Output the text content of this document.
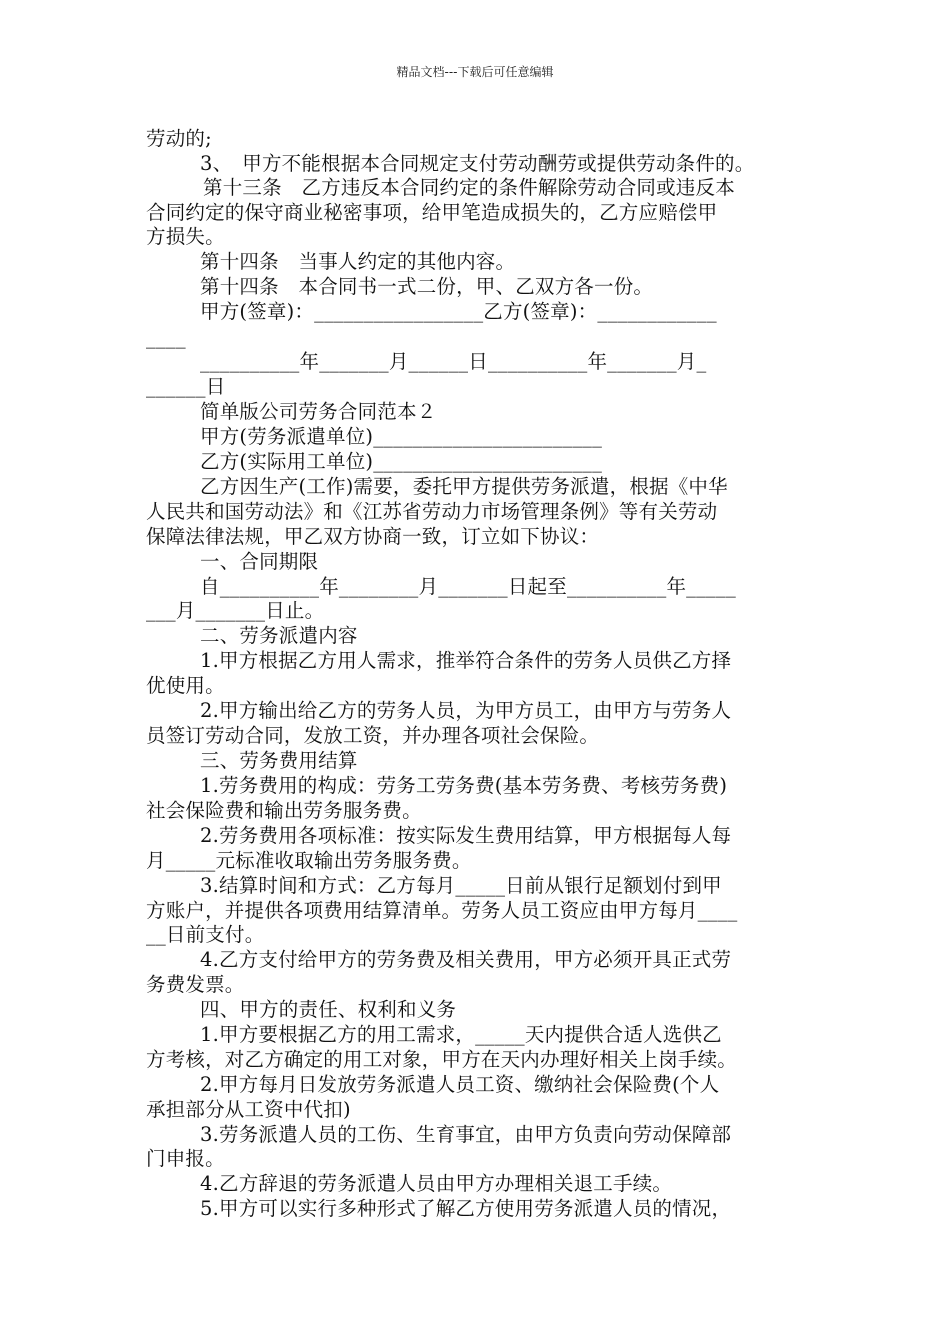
精品文档---下载后可任意编辑
劳动的;
3、　甲方不能根据本合同规定支付劳动酬劳或提供劳动条件的。
第十三条　乙方违反本合同约定的条件解除劳动合同或违反本
合同约定的保守商业秘密事项，给甲笔造成损失的，乙方应赔偿甲
方损失。
第十四条　当事人约定的其他内容。
第十四条　本合同书一式二份，甲、乙双方各一份。
甲方(签章)：_________________乙方(签章)：____________
____
__________年_______月______日__________年_______月_
______日
简单版公司劳务合同范本２
甲方(劳务派遣单位)_______________________
乙方(实际用工单位)_______________________
乙方因生产(工作)需要，委托甲方提供劳务派遣，根据《中华
人民共和国劳动法》和《江苏省劳动力市场管理条例》等有关劳动
保障法律法规，甲乙双方协商一致，订立如下协议：
一、合同期限
自__________年________月_______日起至__________年_____
___月_______日止。
二、劳务派遣内容
1.甲方根据乙方用人需求，推举符合条件的劳务人员供乙方择
优使用。
2.甲方输出给乙方的劳务人员，为甲方员工，由甲方与劳务人
员签订劳动合同，发放工资，并办理各项社会保险。
三、劳务费用结算
1.劳务费用的构成：劳务工劳务费(基本劳务费、考核劳务费)
社会保险费和输出劳务服务费。
2.劳务费用各项标准：按实际发生费用结算，甲方根据每人每
月_____元标准收取输出劳务服务费。
3.结算时间和方式：乙方每月_____日前从银行足额划付到甲
方账户，并提供各项费用结算清单。劳务人员工资应由甲方每月____
__日前支付。
4.乙方支付给甲方的劳务费及相关费用，甲方必须开具正式劳
务费发票。
四、甲方的责任、权利和义务
1.甲方要根据乙方的用工需求，_____天内提供合适人选供乙
方考核，对乙方确定的用工对象，甲方在天内办理好相关上岗手续。
2.甲方每月日发放劳务派遣人员工资、缴纳社会保险费(个人
承担部分从工资中代扣)
3.劳务派遣人员的工伤、生育事宜，由甲方负责向劳动保障部
门申报。
4.乙方辞退的劳务派遣人员由甲方办理相关退工手续。
5.甲方可以实行多种形式了解乙方使用劳务派遣人员的情况，
